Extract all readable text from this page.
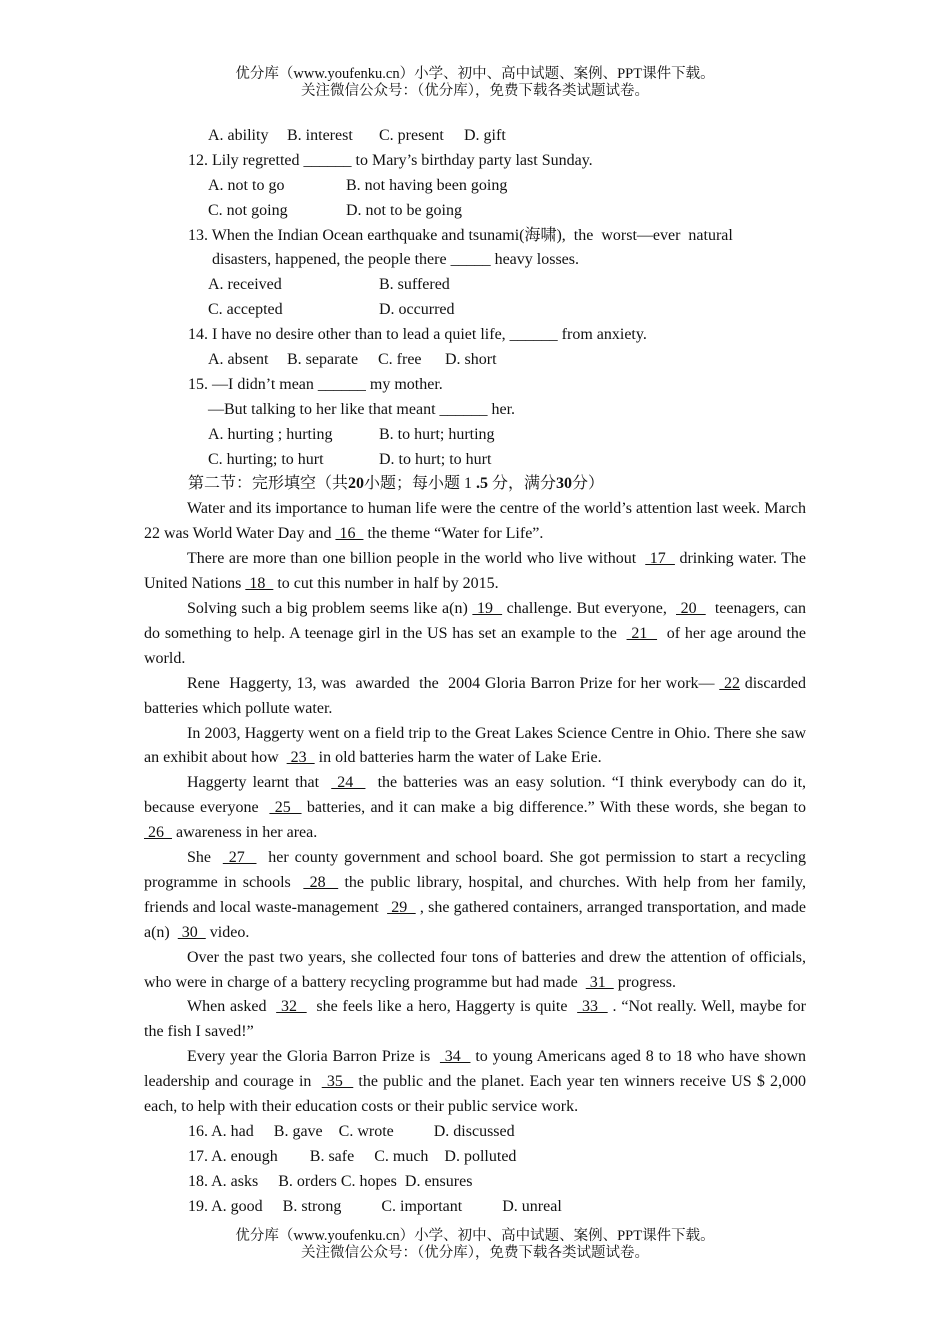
优分库（www.youfenku.cn）小学、初中、高中试题、案例、PPT课件下载。
关注微信公众号：（优分库），免费下载各类试题试卷。
A. ability B. interest C. present D. gift
12. Lily regretted ______ to Mary’s birthday party last Sunday.
A. not to go	B. not having been going
C. not going	D. not to be going
13. When the Indian Ocean earthquake and tsunami(海啸),  the  worst—ever  natural
disasters, happened, the people there _____ heavy losses.
A. received	B. suffered
C. accepted	D. occurred
14. I have no desire other than to lead a quiet life, ______ from anxiety.
A. absent B. separate C. free D. short
15. —I didn’t mean ______ my mother.
—But talking to her like that meant ______ her.
A. hurting ; hurting	B. to hurt; hurting
C. hurting; to hurt	D. to hurt; to hurt
第二节：完形填空（共20小题；每小题 1 .5 分，满分30分）
Water and its importance to human life were the centre of the world’s attention last week. March 22 was World Water Day and  16   the theme “Water for Life”.
There are more than one billion people in the world who live without   17   drinking water. The United Nations  18   to cut this number in half by 2015.
Solving such a big problem seems like a(n)  19   challenge. But everyone,   20    teenagers, can do something to help. A teenage girl in the US has set an example to the   21    of her age around the world.
Rene  Haggerty, 13, was  awarded  the  2004 Gloria Barron Prize for her work—  22 discarded batteries which pollute water.
In 2003, Haggerty went on a field trip to the Great Lakes Science Centre in Ohio. There she saw an exhibit about how   23   in old batteries harm the water of Lake Erie.
Haggerty learnt that   24    the batteries was an easy solution. “I think everybody can do it, because everyone   25   batteries, and it can make a big difference.” With these words, she began to   26   awareness in her area.
She   27    her county government and school board. She got permission to start a recycling programme in schools   28   the public library, hospital, and churches. With help from her family, friends and local waste-management   29   , she gathered containers, arranged transportation, and made a(n)   30   video.
Over the past two years, she collected four tons of batteries and drew the attention of officials, who were in charge of a battery recycling programme but had made   31   progress.
When asked   32    she feels like a hero, Haggerty is quite   33   . “Not really. Well, maybe for the fish I saved!”
Every year the Gloria Barron Prize is   34   to young Americans aged 8 to 18 who have shown leadership and courage in   35   the public and the planet. Each year ten winners receive US $ 2,000 each, to help with their education costs or their public service work.
16. A. had     B. gave    C. wrote          D. discussed
17. A. enough        B. safe     C. much    D. polluted
18. A. asks     B. orders C. hopes  D. ensures
19. A. good     B. strong          C. important          D. unreal
优分库（www.youfenku.cn）小学、初中、高中试题、案例、PPT课件下载。
关注微信公众号：（优分库），免费下载各类试题试卷。
